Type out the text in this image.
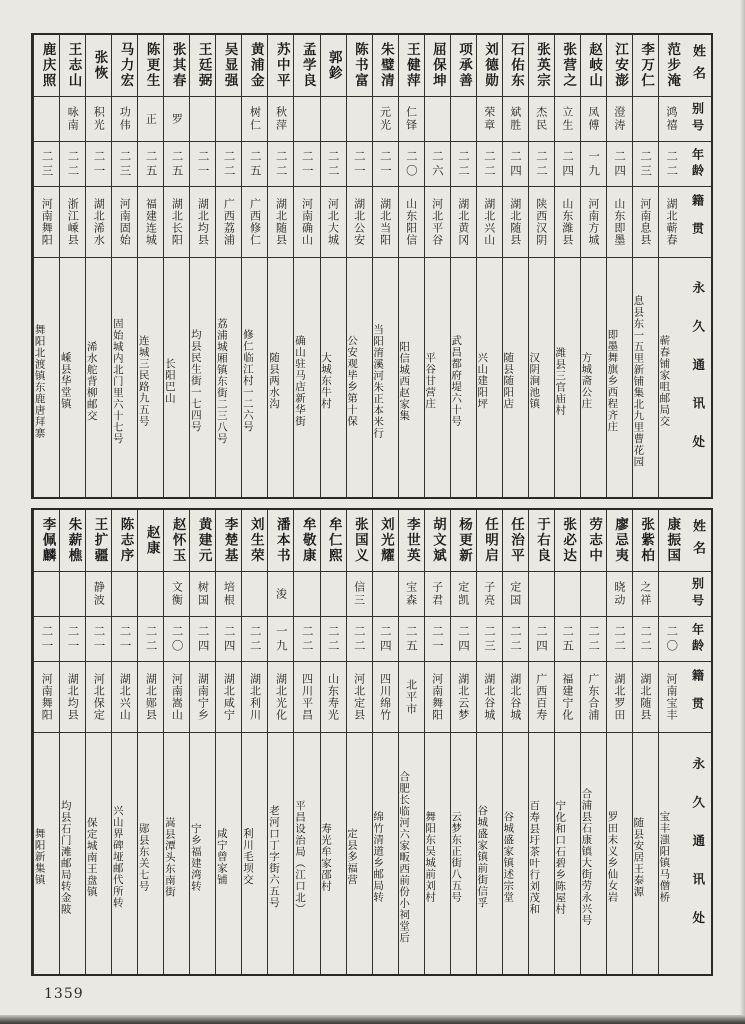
姓名
别号
年龄
籍贯
永久通讯处
范步淹
鸿禧
二二
湖北蕲春
蕲春铺家咀邮局交
李万仁
二三
河南息县
息县东一五里新铺集北九里曹花园
江安澎
澄涛
二四
山东即墨
即墨舞旗乡西程齐庄
赵岐山
凤傅
一九
河南方城
方城斋公庄
张营之
立生
二四
山东潍县
潍县三官庙村
张英宗
杰民
二二
陕西汉阴
汉阴涧池镇
石佑东
斌胜
二四
湖北随县
随县随阳店
刘德勋
荣章
二二
湖北兴山
兴山建阳坪
项承善
二二
湖北黄冈
武昌都府堤六十号
屈保坤
二六
河北平谷
平谷甘营庄
王健萍
仁铎
二〇
山东阳信
阳信城西赵家集
朱璧清
元光
二一
湖北当阳
当阳淯溪河朱正本米行
陈书富
二一
湖北公安
公安观毕乡第十保
郭鉁
二二
河北大城
大城东牛村
孟学良
二一
河南确山
确山驻马店新华街
苏中平
秋萍
二二
湖北随县
随县两水沟
黄浦金
树仁
二五
广西修仁
修仁临江村一二六号
吴显强
二二
广西荔浦
荔浦城厢镇东街二三八号
王廷弼
二一
湖北均县
均县民生街一七四号
张其春
罗
二五
湖北长阳
长阳巴山
陈更生
正
二五
福建连城
连城三民路九五号
马力宏
功伟
二三
河南固始
固始城内北门里六十七号
张恢
积光
二一
湖北浠水
浠水舵背柳邮交
王志山
咏南
二二
浙江嵊县
嵊县华堂镇
鹿庆照
二三
河南舞阳
舞阳北渡镇东鹿唐拜寨
姓名
别号
年龄
籍贯
永久通讯处
康振国
二〇
河南宝丰
宝丰滍阳镇马僧桥
张紫柏
之祥
二二
湖北随县
随县安居王泰源
廖忌夷
晓动
二二
湖北罗田
罗田末义乡仙女岩
劳志中
二二
广东合浦
合浦县石康镇大街劳永兴号
张必达
二五
福建宁化
宁化和口石碧乡陈屋村
于右良
二四
广西百寿
百寿县圩茶叶行刘茂和
任治平
定国
二二
湖北谷城
谷城盛家镇述宗堂
任明启
子亮
二三
湖北谷城
谷城盛家镇前街信孚
杨更新
定凯
二四
湖北云梦
云梦东正街八五号
胡文斌
子君
二一
河南舞阳
舞阳东吴城前刘村
李世英
宝森
二五
北平市
合肥长临河六家畈西前份小祠堂后
刘光耀
二四
四川绵竹
绵竹清道乡邮局转
张国义
信三
二二
河北定县
定县多福营
牟仁熙
二二
山东寿光
寿光牟家邵村
牟敬康
二二
四川平昌
平昌设治局（江口北）
潘本书
浚
一九
湖北光化
老河口丁字街六五号
刘生荣
二二
湖北利川
利川毛坝交
李楚基
培根
二四
湖北咸宁
咸宁曾家铺
黄建元
树国
二四
湖南宁乡
宁乡福建湾转
赵怀玉
文衡
二〇
河南嵩山
嵩县潭头东南街
赵康
二二
湖北郧县
郧县东关七号
陈志序
二一
湖北兴山
兴山界碑垭邮代所转
王扩疆
静波
二一
河北保定
保定城南王盘镇
朱薪樵
二一
湖北均县
均县石门滩邮局转金陂
李佩麟
二一
河南舞阳
舞阳新集镇
1359
